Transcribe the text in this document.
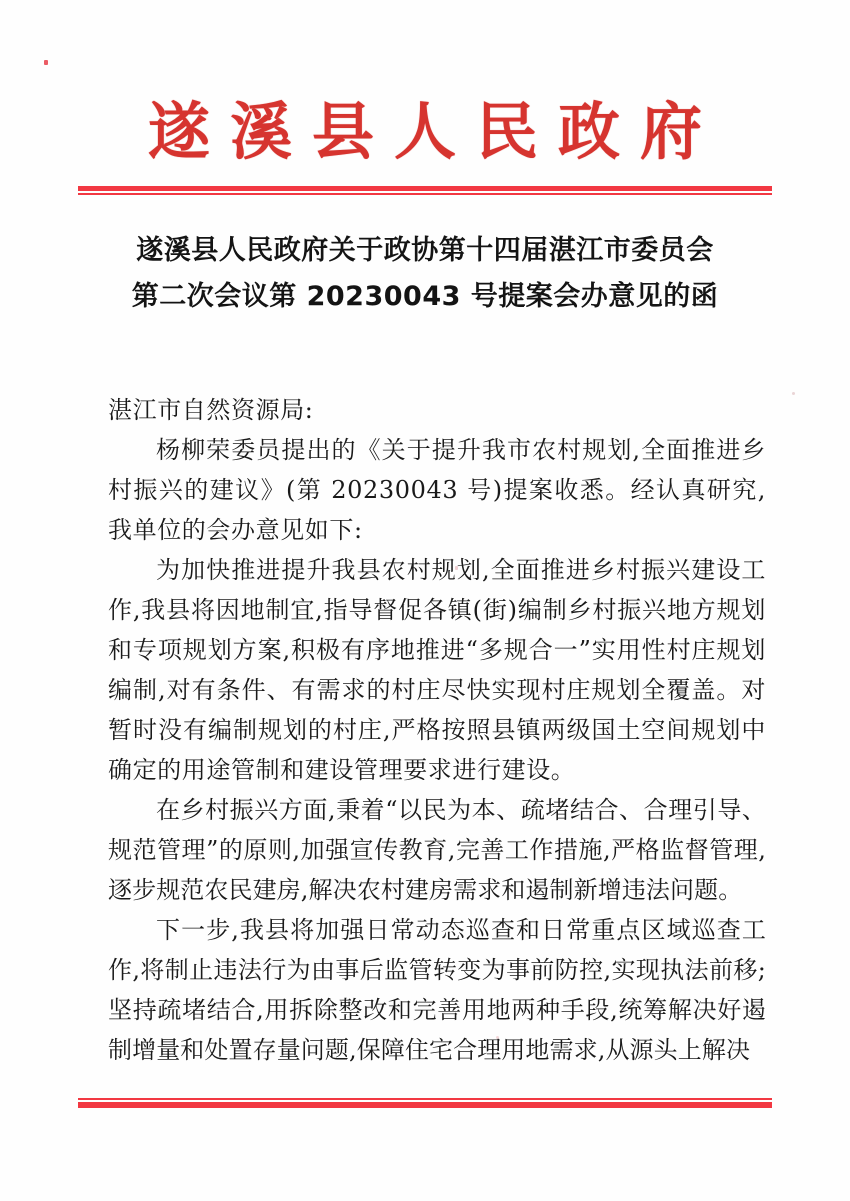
遂溪县人民政府
遂溪县人民政府关于政协第十四届湛江市委员会
第二次会议第 20230043 号提案会办意见的函

湛江市自然资源局:

杨柳荣委员提出的《关于提升我市农村规划,全面推进乡村振兴的建议》(第 20230043 号)提案收悉。经认真研究,我单位的会办意见如下:

为加快推进提升我县农村规划,全面推进乡村振兴建设工作,我县将因地制宜,指导督促各镇(街)编制乡村振兴地方规划和专项规划方案,积极有序地推进“多规合一”实用性村庄规划编制,对有条件、有需求的村庄尽快实现村庄规划全覆盖。对暂时没有编制规划的村庄,严格按照县镇两级国土空间规划中确定的用途管制和建设管理要求进行建设。

在乡村振兴方面,秉着“以民为本、疏堵结合、合理引导、规范管理”的原则,加强宣传教育,完善工作措施,严格监督管理,逐步规范农民建房,解决农村建房需求和遏制新增违法问题。

下一步,我县将加强日常动态巡查和日常重点区域巡查工作,将制止违法行为由事后监管转变为事前防控,实现执法前移;坚持疏堵结合,用拆除整改和完善用地两种手段,统筹解决好遏制增量和处置存量问题,保障住宅合理用地需求,从源头上解决
